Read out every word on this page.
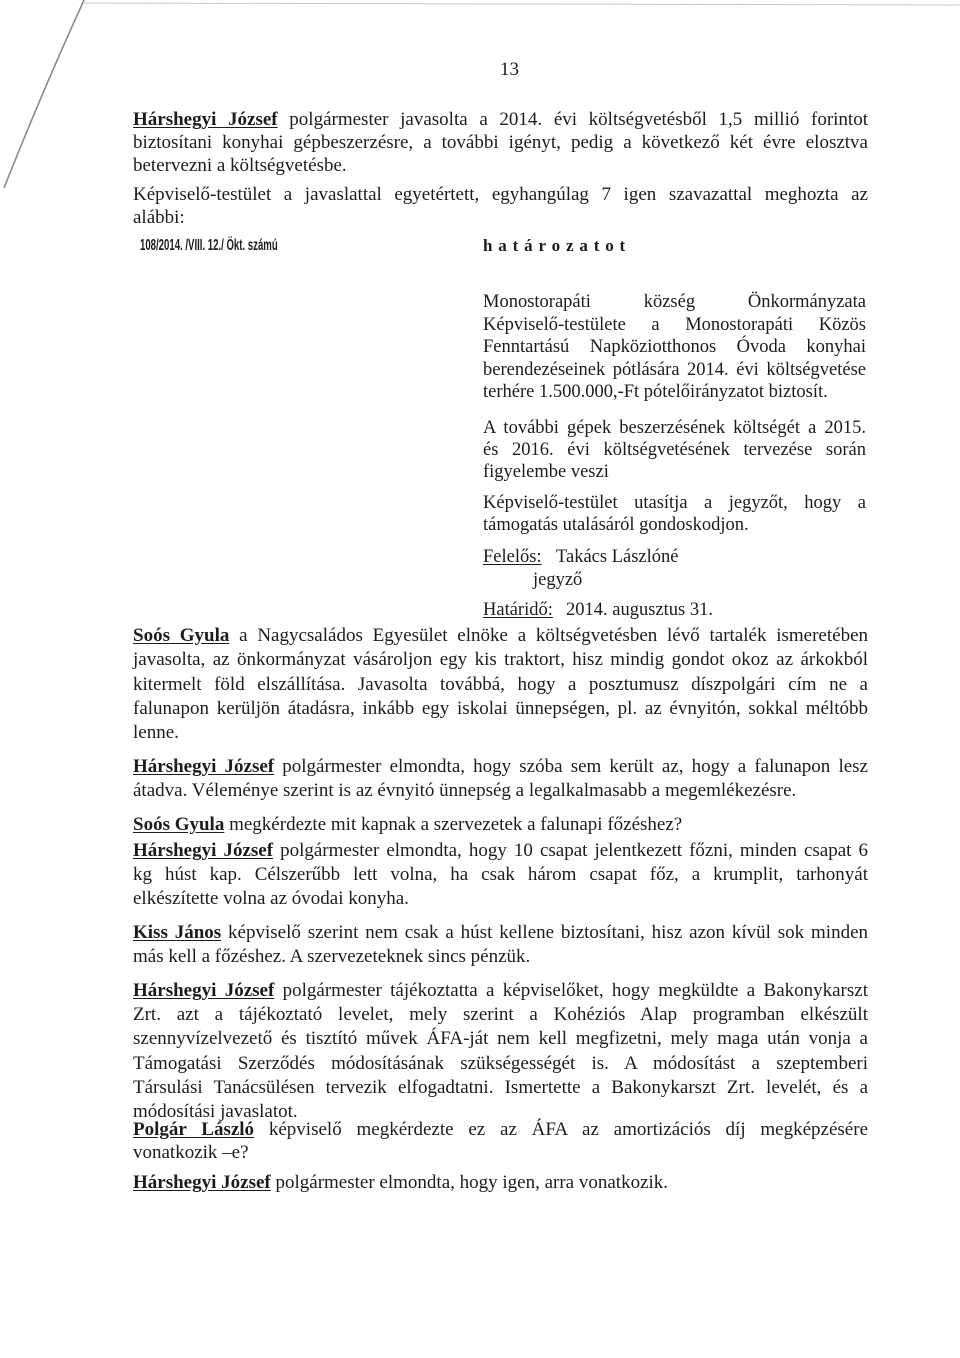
13
Hárshegyi József polgármester javasolta a 2014. évi költségvetésből 1,5 millió forintot
biztosítani konyhai gépbeszerzésre, a további igényt, pedig a következő két évre elosztva
betervezni a költségvetésbe.
Képviselő-testület a javaslattal egyetértett, egyhangúlag 7 igen szavazattal meghozta az
alábbi:
108/2014. /VIII. 12./ Ökt. számú	h a t á r o z a t o t
Monostorapáti község Önkormányzata
Képviselő-testülete a Monostorapáti Közös
Fenntartású Napköziotthonos Óvoda konyhai
berendezéseinek pótlására 2014. évi költségvetése
terhére 1.500.000,-Ft pótelőirányzatot biztosít.
A további gépek beszerzésének költségét a 2015.
és 2016. évi költségvetésének tervezése során
figyelembe veszi
Képviselő-testület utasítja a jegyzőt, hogy a
támogatás utalásáról gondoskodjon.
Felelős: Takács Lászlóné
jegyző
Határidő: 2014. augusztus 31.
Soós Gyula a Nagycsaládos Egyesület elnöke a költségvetésben lévő tartalék ismeretében
javasolta, az önkormányzat vásároljon egy kis traktort, hisz mindig gondot okoz az árkokból
kitermelt föld elszállítása. Javasolta továbbá, hogy a posztumusz díszpolgári cím ne a
falunapon kerüljön átadásra, inkább egy iskolai ünnepségen, pl. az évnyitón, sokkal méltóbb
lenne.
Hárshegyi József polgármester elmondta, hogy szóba sem került az, hogy a falunapon lesz
átadva. Véleménye szerint is az évnyitó ünnepség a legalkalmasabb a megemlékezésre.
Soós Gyula megkérdezte mit kapnak a szervezetek a falunapi főzéshez?
Hárshegyi József polgármester elmondta, hogy 10 csapat jelentkezett főzni, minden csapat 6
kg húst kap. Célszerűbb lett volna, ha csak három csapat főz, a krumplit, tarhonyát
elkészítette volna az óvodai konyha.
Kiss János képviselő szerint nem csak a húst kellene biztosítani, hisz azon kívül sok minden
más kell a főzéshez. A szervezeteknek sincs pénzük.
Hárshegyi József polgármester tájékoztatta a képviselőket, hogy megküldte a Bakonykarszt
Zrt. azt a tájékoztató levelet, mely szerint a Kohéziós Alap programban elkészült
szennyvízelvezető és tisztító művek ÁFA-ját nem kell megfizetni, mely maga után vonja a
Támogatási Szerződés módosításának szükségességét is. A módosítást a szeptemberi
Társulási Tanácsülésen tervezik elfogadtatni. Ismertette a Bakonykarszt Zrt. levelét, és a
módosítási javaslatot.
Polgár László képviselő megkérdezte ez az ÁFA az amortizációs díj megképzésére
vonatkozik –e?
Hárshegyi József polgármester elmondta, hogy igen, arra vonatkozik.
